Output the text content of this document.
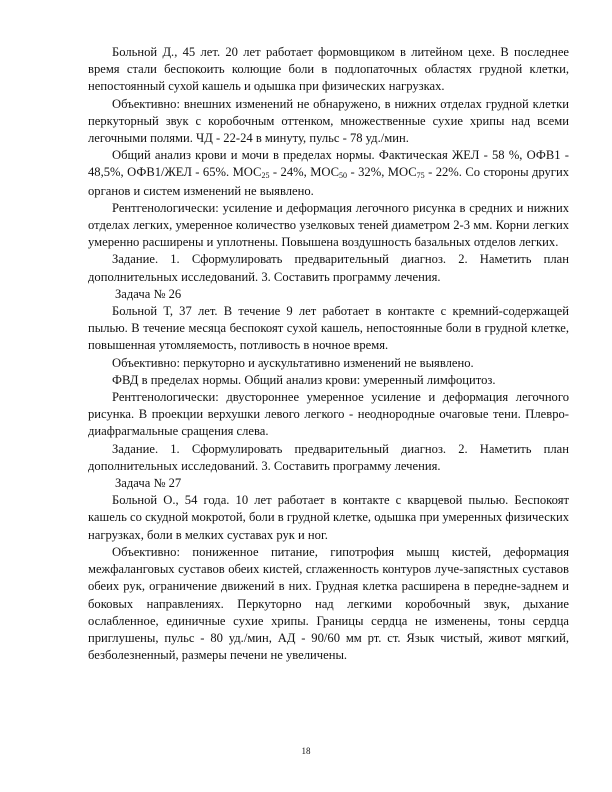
Больной Д., 45 лет. 20 лет работает формовщиком в литейном цехе. В последнее время стали беспокоить колющие боли в подлопаточных областях грудной клетки, непостоянный сухой кашель и одышка при физических нагрузках.

Объективно: внешних изменений не обнаружено, в нижних отделах грудной клетки перкуторный звук с коробочным оттенком, множественные сухие хрипы над всеми легочными полями. ЧД - 22-24 в минуту, пульс - 78 уд./мин.

Общий анализ крови и мочи в пределах нормы. Фактическая ЖЕЛ - 58 %, ОФВ1 - 48,5%, ОФВ1/ЖЕЛ - 65%. $МОС_{25} - 24\%$, $МОС_{50} - 32\%$, $МОС_{75} - 22\%$. Со стороны других органов и систем изменений не выявлено.

Рентгенологически: усиление и деформация легочного рисунка в средних и нижних отделах легких, умеренное количество узелковых теней диаметром 2-3 мм. Корни легких умеренно расширены и уплотнены. Повышена воздушность базальных отделов легких.

Задание. 1. Сформулировать предварительный диагноз. 2. Наметить план дополнительных исследований. 3. Составить программу лечения.

Задача № 26

Больной Т, 37 лет. В течение 9 лет работает в контакте с кремний-содержащей пылью. В течение месяца беспокоят сухой кашель, непостоянные боли в грудной клетке, повышенная утомляемость, потливость в ночное время.

Объективно: перкуторно и аускультативно изменений не выявлено.

ФВД в пределах нормы. Общий анализ крови: умеренный лимфоцитоз.

Рентгенологически: двустороннее умеренное усиление и деформация легочного рисунка. В проекции верхушки левого легкого - неоднородные очаговые тени. Плевро-диафрагмальные сращения слева.

Задание. 1. Сформулировать предварительный диагноз. 2. Наметить план дополнительных исследований. 3. Составить программу лечения.

Задача № 27

Больной О., 54 года. 10 лет работает в контакте с кварцевой пылью. Беспокоят кашель со скудной мокротой, боли в грудной клетке, одышка при умеренных физических нагрузках, боли в мелких суставах рук и ног.

Объективно: пониженное питание, гипотрофия мышц кистей, деформация межфаланговых суставов обеих кистей, сглаженность контуров луче-запястных суставов обеих рук, ограничение движений в них. Грудная клетка расширена в передне-заднем и боковых направлениях. Перкуторно над легкими коробочный звук, дыхание ослабленное, единичные сухие хрипы. Границы сердца не изменены, тоны сердца приглушены, пульс - 80 уд./мин, АД - 90/60 мм рт. ст. Язык чистый, живот мягкий, безболезненный, размеры печени не увеличены.

18
